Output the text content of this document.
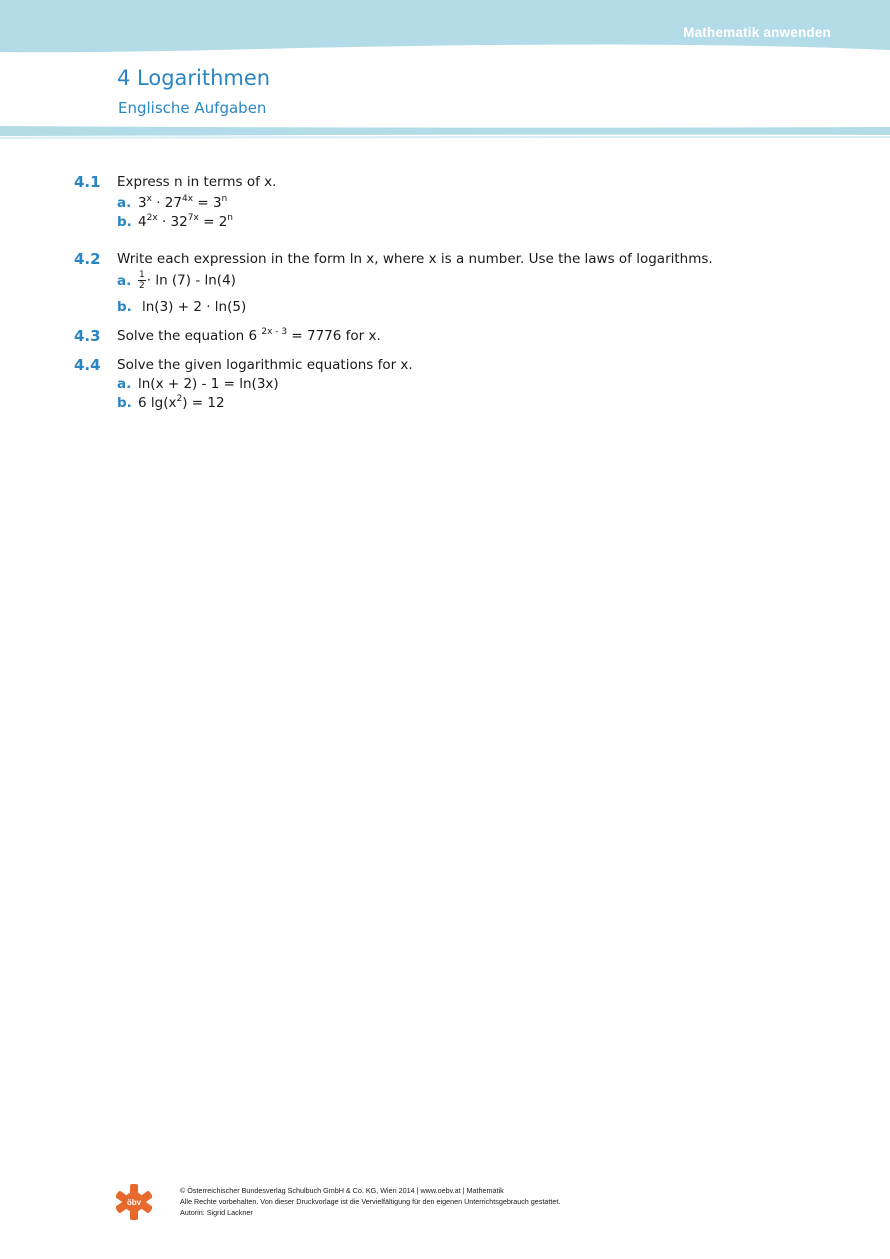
Mathematik anwenden
4 Logarithmen
Englische Aufgaben
4.1 Express n in terms of x.
a. $3^x \cdot 27^{4x} = 3^n$
b. $4^{2x} \cdot 32^{7x} = 2^n$
4.2 Write each expression in the form ln x, where x is a number. Use the laws of logarithms.
a. $\frac{1}{2} \cdot \ln (7) - \ln(4)$
b. ln(3) + 2 · ln(5)
4.3 Solve the equation 6 $^{2x - 3}$ = 7776 for x.
4.4 Solve the given logarithmic equations for x.
a. ln(x + 2) - 1 = ln(3x)
b. 6 $\lg(x^2) = 12$
öbv
© Österreichischer Bundesverlag Schulbuch GmbH & Co. KG, Wien 2014 | www.oebv.at | Mathematik
Alle Rechte vorbehalten. Von dieser Druckvorlage ist die Vervielfältigung für den eigenen Unterrichtsgebrauch gestattet.
Autorin: Sigrid Lackner
